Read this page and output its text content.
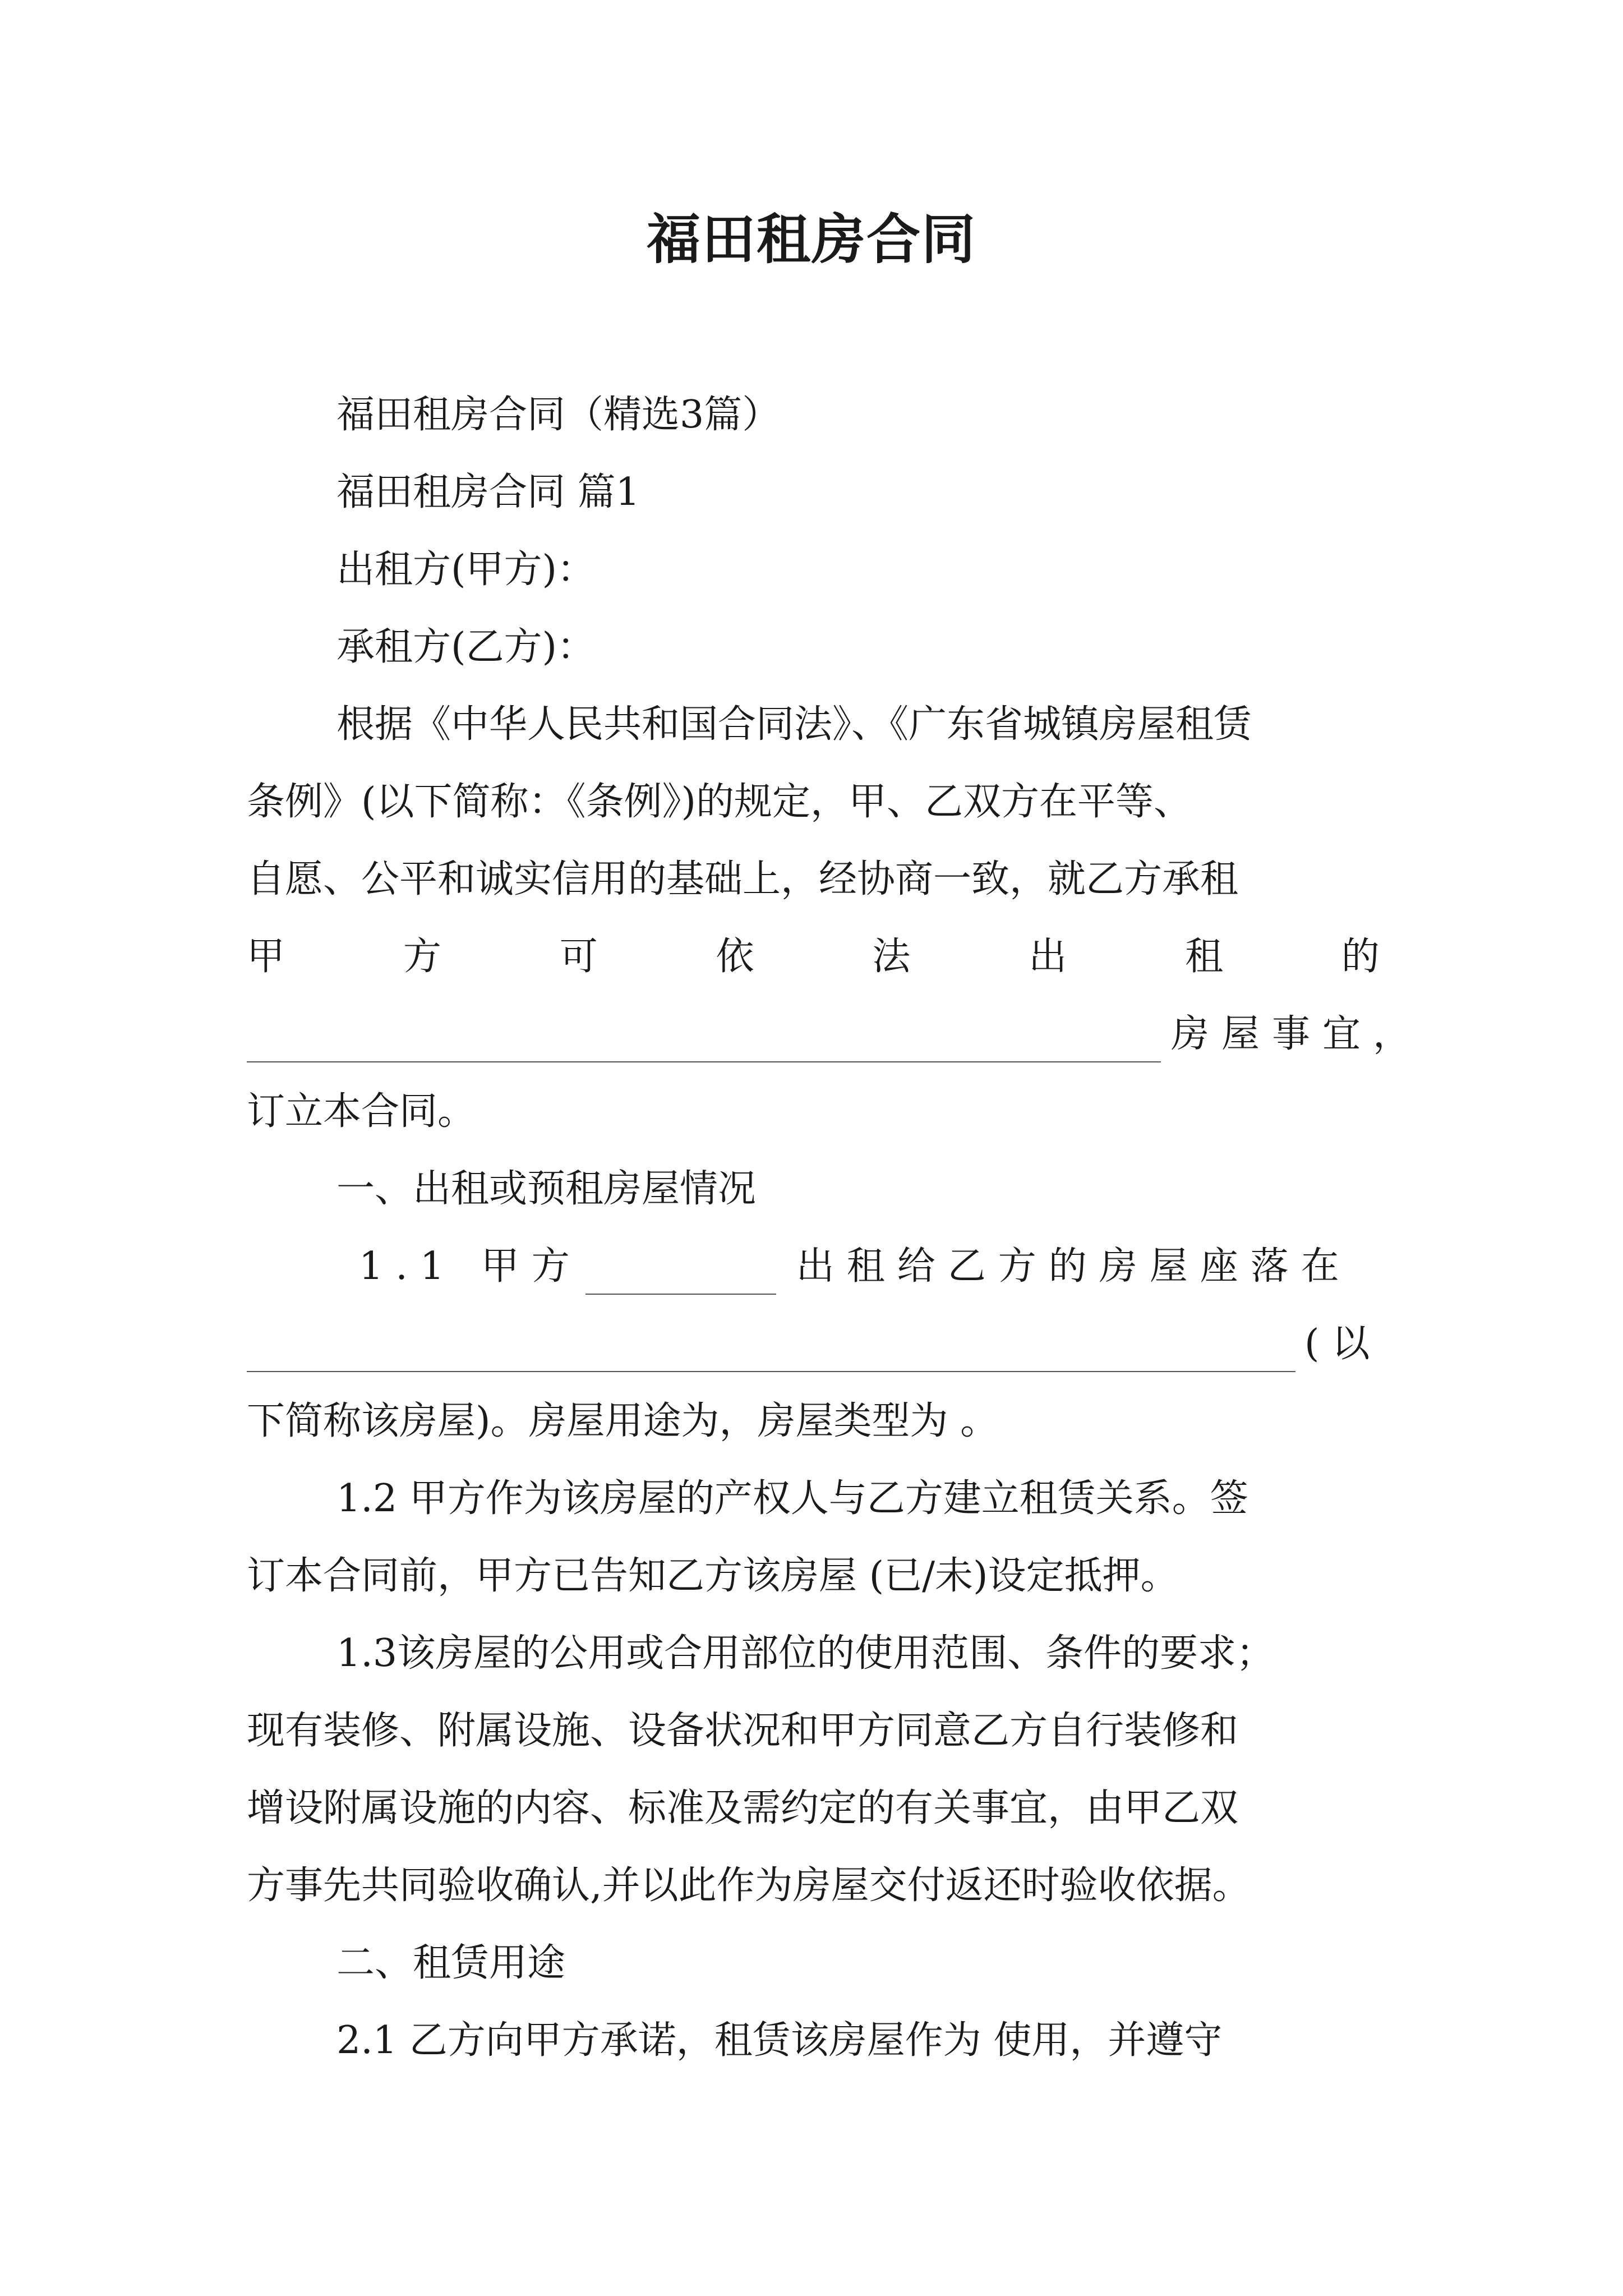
福田租房合同
福田租房合同（精选3篇）
福田租房合同 篇1
出租方(甲方)：
承租方(乙方)：
根据《中华人民共和国合同法》、《广东省城镇房屋租赁
条例》(以下简称：《条例》)的规定，甲、乙双方在平等、
自愿、公平和诚实信用的基础上，经协商一致，就乙方承租
甲	方	可	依	法	出	租	的
房屋事宜，
订立本合同。
一、出租或预租房屋情况
1.1 甲方	出租给乙方的房屋座落在
(以
下简称该房屋)。房屋用途为，房屋类型为 。
1.2 甲方作为该房屋的产权人与乙方建立租赁关系。签
订本合同前，甲方已告知乙方该房屋 (已/未)设定抵押。
1.3该房屋的公用或合用部位的使用范围、条件的要求；
现有装修、附属设施、设备状况和甲方同意乙方自行装修和
增设附属设施的内容、标准及需约定的有关事宜，由甲乙双
方事先共同验收确认,并以此作为房屋交付返还时验收依据。
二、租赁用途
2.1 乙方向甲方承诺，租赁该房屋作为 使用，并遵守
